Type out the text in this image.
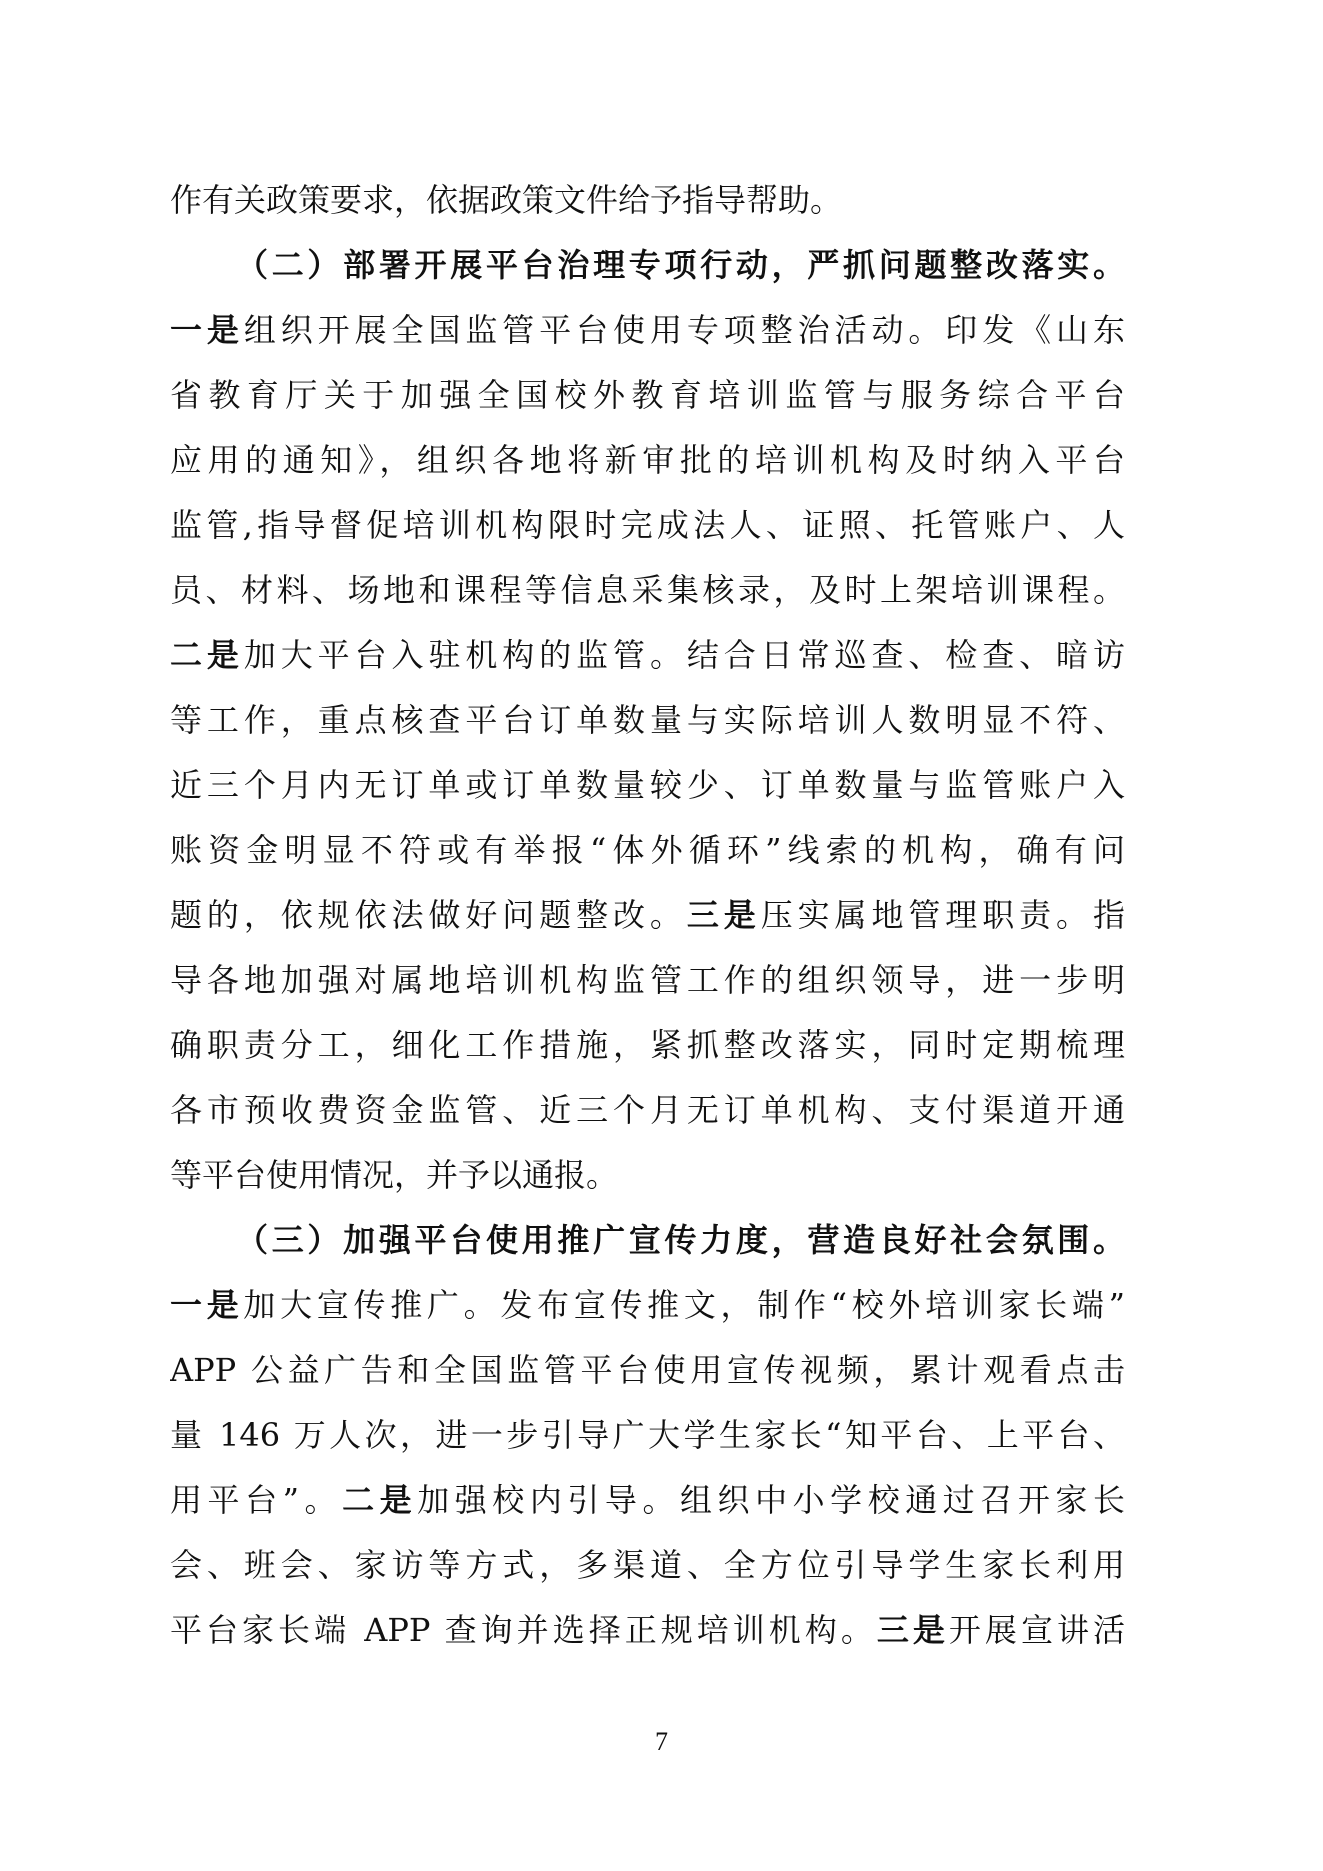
作有关政策要求，依据政策文件给予指导帮助。
（二）部署开展平台治理专项行动，严抓问题整改落实。
一是组织开展全国监管平台使用专项整治活动。印发《山东
省教育厅关于加强全国校外教育培训监管与服务综合平台
应用的通知》，组织各地将新审批的培训机构及时纳入平台
监管,指导督促培训机构限时完成法人、证照、托管账户、人
员、材料、场地和课程等信息采集核录，及时上架培训课程。
二是加大平台入驻机构的监管。结合日常巡查、检查、暗访
等工作，重点核查平台订单数量与实际培训人数明显不符、
近三个月内无订单或订单数量较少、订单数量与监管账户入
账资金明显不符或有举报“体外循环”线索的机构，确有问
题的，依规依法做好问题整改。三是压实属地管理职责。指
导各地加强对属地培训机构监管工作的组织领导，进一步明
确职责分工，细化工作措施，紧抓整改落实，同时定期梳理
各市预收费资金监管、近三个月无订单机构、支付渠道开通
等平台使用情况，并予以通报。
（三）加强平台使用推广宣传力度，营造良好社会氛围。
一是加大宣传推广。发布宣传推文，制作“校外培训家长端”
APP 公益广告和全国监管平台使用宣传视频，累计观看点击
量 146 万人次，进一步引导广大学生家长“知平台、上平台、
用平台”。二是加强校内引导。组织中小学校通过召开家长
会、班会、家访等方式，多渠道、全方位引导学生家长利用
平台家长端 APP 查询并选择正规培训机构。三是开展宣讲活
7
